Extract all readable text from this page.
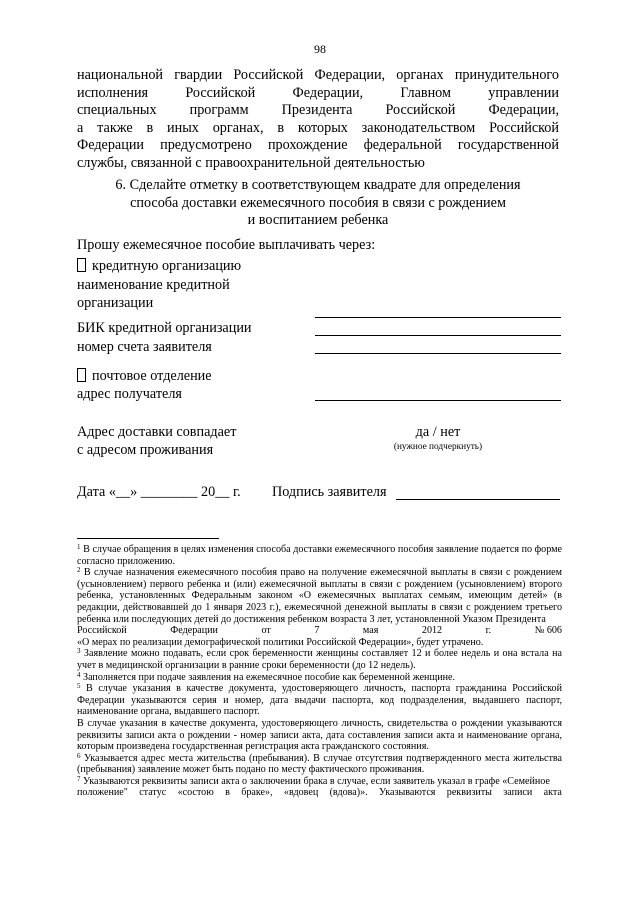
98
национальной гвардии Российской Федерации, органах принудительного
исполнения Российской Федерации, Главном управлении
специальных программ Президента Российской Федерации,
а также в иных органах, в которых законодательством Российской
Федерации предусмотрено прохождение федеральной государственной
службы, связанной с правоохранительной деятельностью
6. Сделайте отметку в соответствующем квадрате для определения
способа доставки ежемесячного пособия в связи с рождением
и воспитанием ребенка
Прошу ежемесячное пособие выплачивать через:
кредитную организацию
наименование кредитной
организации
БИК кредитной организации
номер счета заявителя
почтовое отделение
адрес получателя
Адрес доставки совпадает
с адресом проживания
да / нет
(нужное подчеркнуть)
Дата «__» ________ 20__ г. Подпись заявителя
$^1$ В случае обращения в целях изменения способа доставки ежемесячного пособия заявление подается по форме согласно приложению.
$^2$ В случае назначения ежемесячного пособия право на получение ежемесячной выплаты в связи с рождением (усыновлением) первого ребенка и (или) ежемесячной выплаты в связи с рождением (усыновлением) второго ребенка, установленных Федеральным законом «О ежемесячных выплатах семьям, имеющим детей» (в редакции, действовавшей до 1 января 2023 г.), ежемесячной денежной выплаты в связи с рождением третьего ребенка или последующих детей до достижения ребенком возраста 3 лет, установленной Указом Президента
Российской	Федерации	от	7	мая	2012	г.	№ 606
«О мерах по реализации демографической политики Российской Федерации», будет утрачено.
$^3$ Заявление можно подавать, если срок беременности женщины составляет 12 и более недель и она встала на учет в медицинской организации в ранние сроки беременности (до 12 недель).
$^4$ Заполняется при подаче заявления на ежемесячное пособие как беременной женщине.
$^5$ В случае указания в качестве документа, удостоверяющего личность, паспорта гражданина Российской Федерации указываются серия и номер, дата выдачи паспорта, код подразделения, выдавшего паспорт, наименование органа, выдавшего паспорт.
В случае указания в качестве документа, удостоверяющего личность, свидетельства о рождении указываются реквизиты записи акта о рождении - номер записи акта, дата составления записи акта и наименование органа, которым произведена государственная регистрация акта гражданского состояния.
$^6$ Указывается адрес места жительства (пребывания). В случае отсутствия подтвержденного места жительства (пребывания) заявление может быть подано по месту фактического проживания.
$^7$ Указываются реквизиты записи акта о заключении брака в случае, если заявитель указал в графе «Семейное
положение" статус «состою в браке», «вдовец (вдова)». Указываются реквизиты записи акта
